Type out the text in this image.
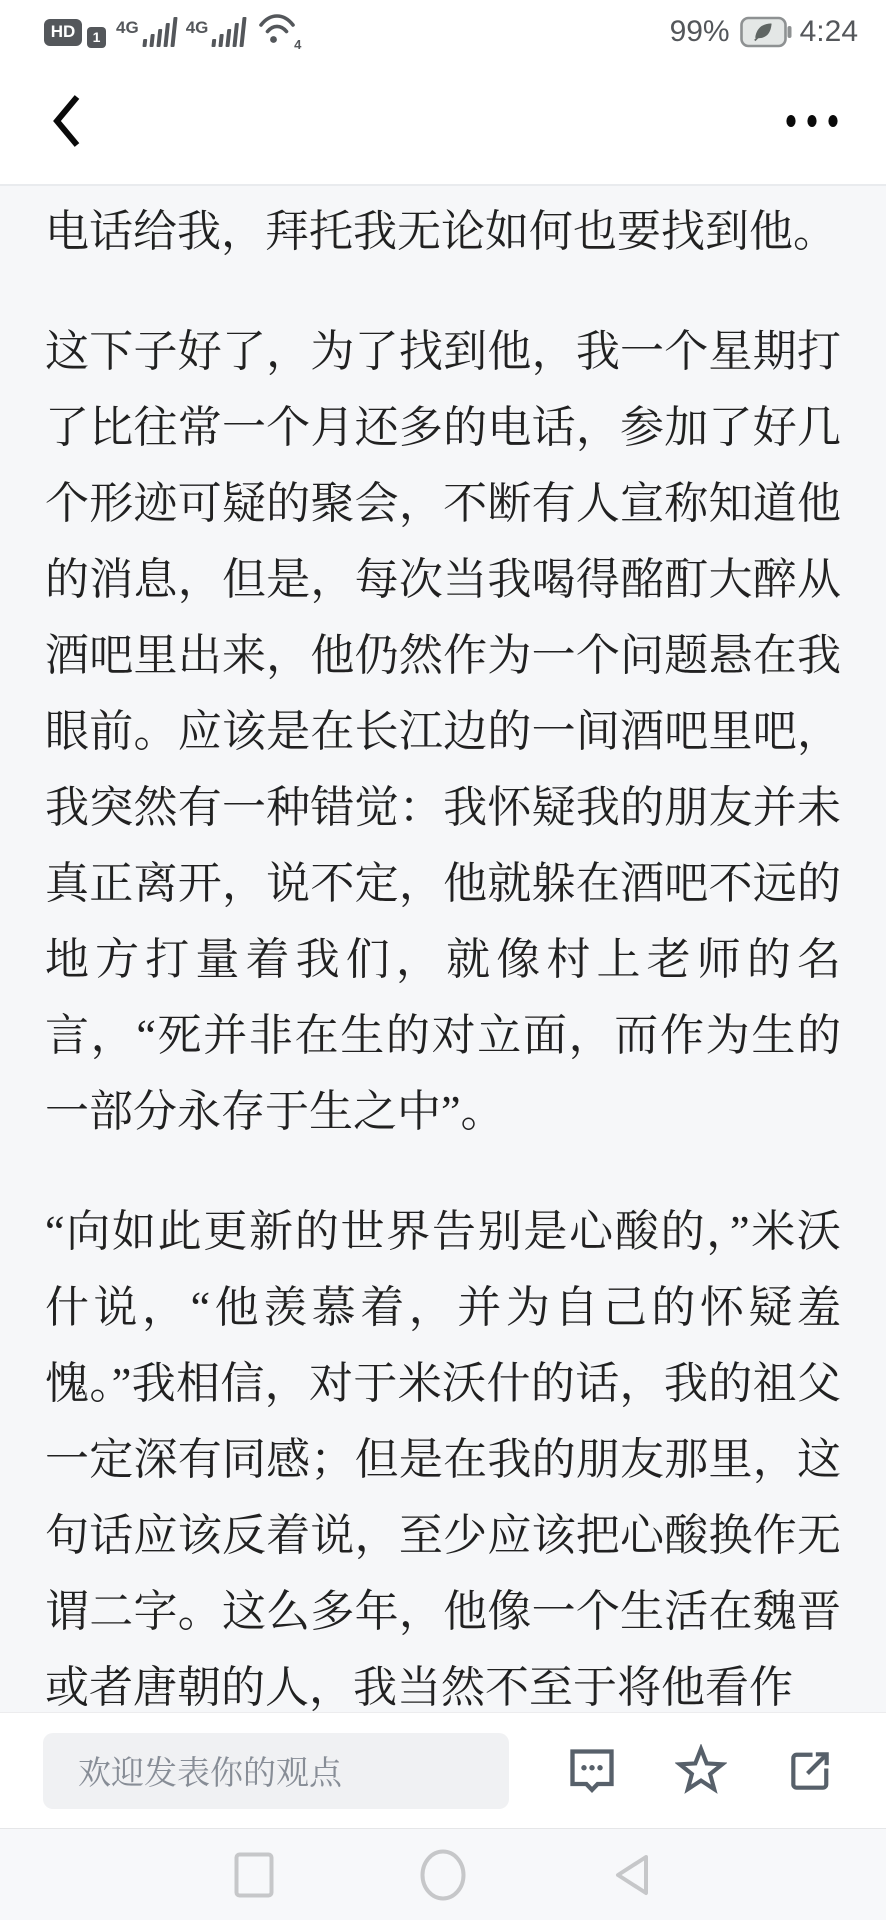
HD 1 4G	4G
4	99% 4:24

电话给我，拜托我无论如何也要找到他。

这下子好了，为了找到他，我一个星期打了比往常一个月还多的电话，参加了好几个形迹可疑的聚会，不断有人宣称知道他的消息，但是，每次当我喝得酩酊大醉从酒吧里出来，他仍然作为一个问题悬在我眼前。应该是在长江边的一间酒吧里吧，我突然有一种错觉：我怀疑我的朋友并未真正离开，说不定，他就躲在酒吧不远的地方打量着我们，就像村上老师的名言，“死并非在生的对立面，而作为生的一部分永存于生之中”。

“向如此更新的世界告别是心酸的，”米沃什说，“他羡慕着，并为自己的怀疑羞愧。”我相信，对于米沃什的话，我的祖父一定深有同感；但是在我的朋友那里，这句话应该反着说，至少应该把心酸换作无谓二字。这么多年，他像一个生活在魏晋或者唐朝的人，我当然不至于将他看作

欢迎发表你的观点
